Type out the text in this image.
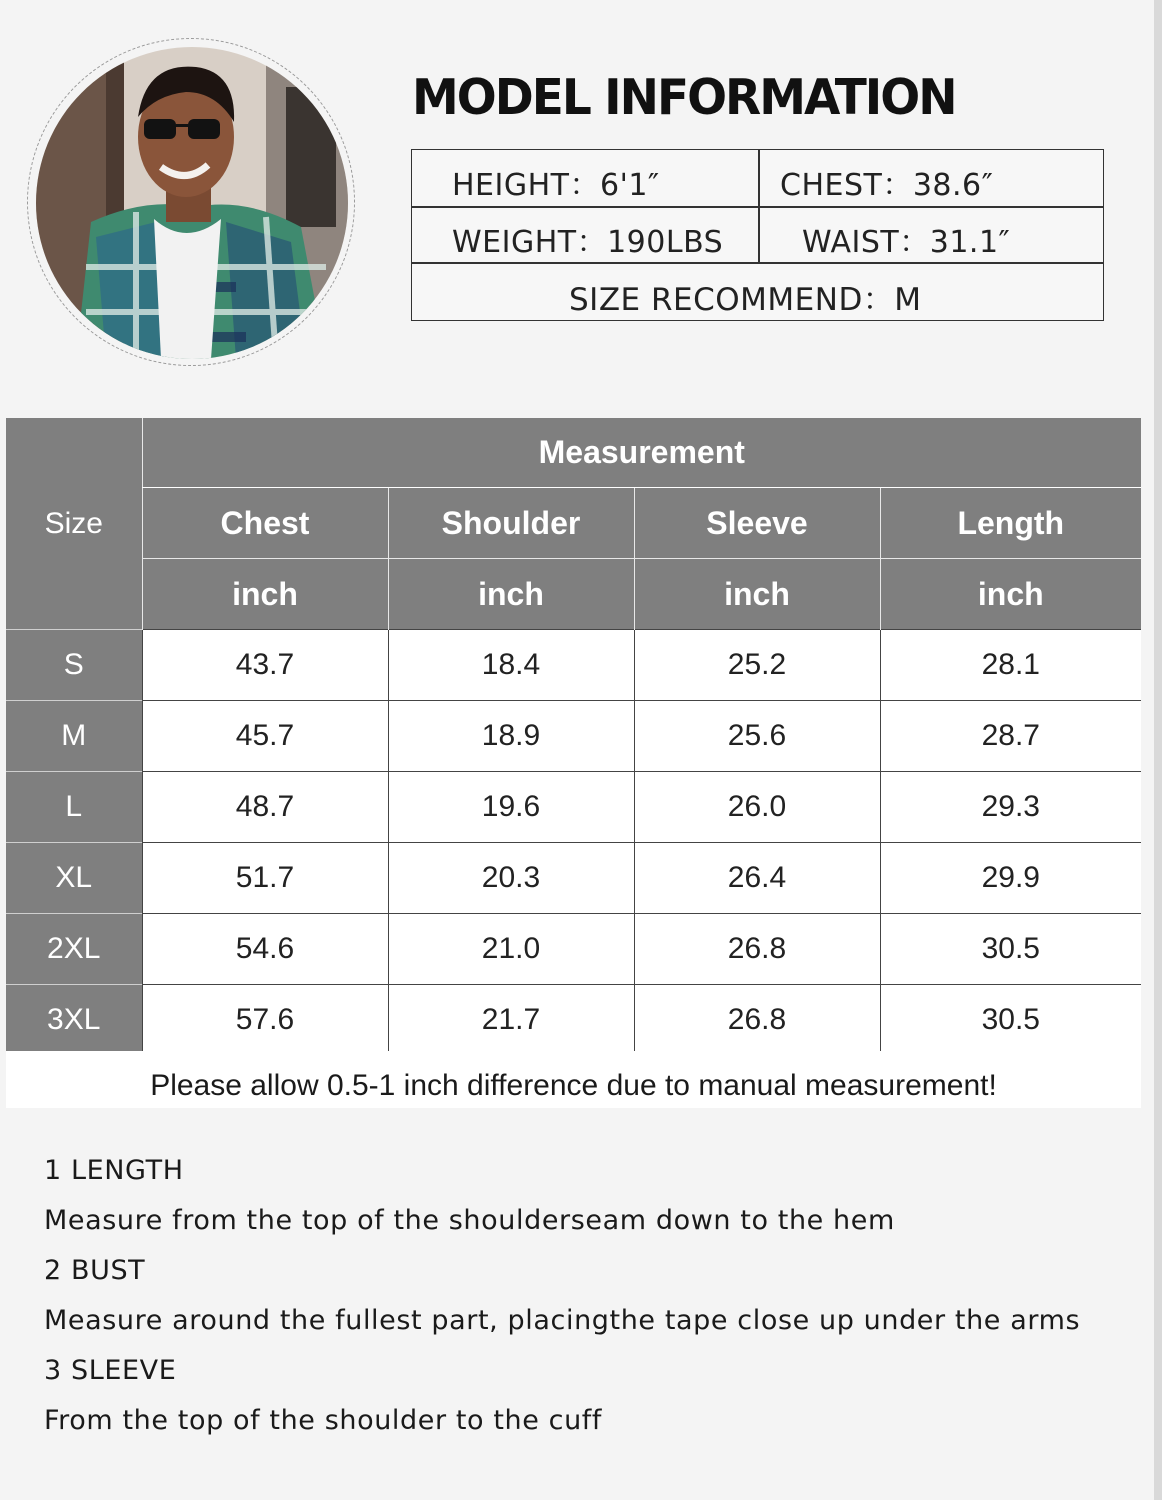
MODEL INFORMATION
HEIGHT：6'1″	CHEST：38.6″
WEIGHT：190LBS	WAIST：31.1″
SIZE RECOMMEND：M
Size	Measurement			
	Chest	Shoulder	Sleeve	Length
	inch	inch	inch	inch
S	43.7	18.4	25.2	28.1
M	45.7	18.9	25.6	28.7
L	48.7	19.6	26.0	29.3
XL	51.7	20.3	26.4	29.9
2XL	54.6	21.0	26.8	30.5
3XL	57.6	21.7	26.8	30.5
Please allow 0.5-1 inch difference due to manual measurement!
1 LENGTH
Measure from the top of the shoulderseam down to the hem
2 BUST
Measure around the fullest part, placingthe tape close up under the arms
3 SLEEVE
From the top of the shoulder to the cuff
